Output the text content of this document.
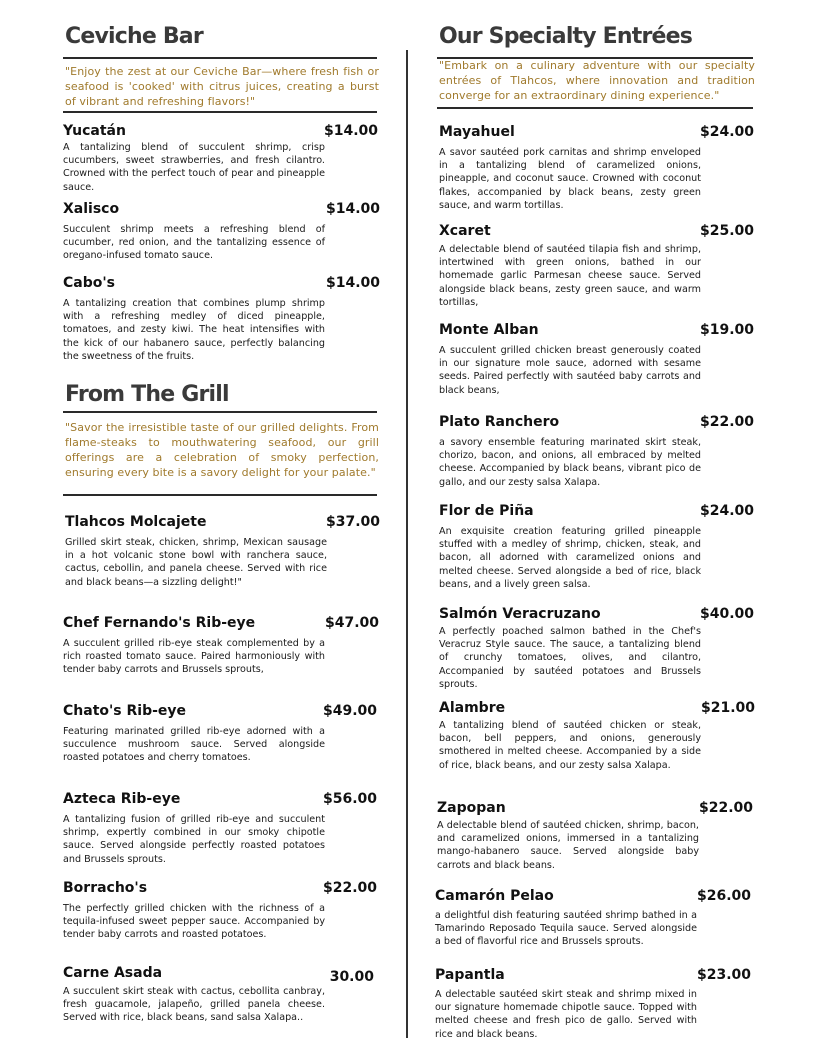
Ceviche Bar

"Enjoy the zest at our Ceviche Bar—where fresh fish or seafood is 'cooked' with citrus juices, creating a burst of vibrant and refreshing flavors!"

Yucatán	$14.00

A tantalizing blend of succulent shrimp, crisp cucumbers, sweet strawberries, and fresh cilantro. Crowned with the perfect touch of pear and pineapple sauce.

Xalisco	$14.00

Succulent shrimp meets a refreshing blend of cucumber, red onion, and the tantalizing essence of oregano-infused tomato sauce.

Cabo's	$14.00

A tantalizing creation that combines plump shrimp with a refreshing medley of diced pineapple, tomatoes, and zesty kiwi. The heat intensifies with the kick of our habanero sauce, perfectly balancing the sweetness of the fruits.

From The Grill

"Savor the irresistible taste of our grilled delights. From flame-steaks to mouthwatering seafood, our grill offerings are a celebration of smoky perfection, ensuring every bite is a savory delight for your palate."

Tlahcos Molcajete	$37.00

Grilled skirt steak, chicken, shrimp, Mexican sausage in a hot volcanic stone bowl with ranchera sauce, cactus, cebollin, and panela cheese. Served with rice and black beans—a sizzling delight!"

Chef Fernando's Rib-eye	$47.00

A succulent grilled rib-eye steak complemented by a rich roasted tomato sauce. Paired harmoniously with tender baby carrots and Brussels sprouts,

Chato's Rib-eye	$49.00

Featuring marinated grilled rib-eye adorned with a succulence mushroom sauce. Served alongside roasted potatoes and cherry tomatoes.

Azteca Rib-eye	$56.00

A tantalizing fusion of grilled rib-eye and succulent shrimp, expertly combined in our smoky chipotle sauce. Served alongside perfectly roasted potatoes and Brussels sprouts.

Borracho's	$22.00

The perfectly grilled chicken with the richness of a tequila-infused sweet pepper sauce. Accompanied by tender baby carrots and roasted potatoes.

Carne Asada	30.00

A succulent skirt steak with cactus, cebollita canbray, fresh guacamole, jalapeño, grilled panela cheese. Served with rice, black beans, sand salsa Xalapa..

Our Specialty Entrées

"Embark on a culinary adventure with our specialty entrées of Tlahcos, where innovation and tradition converge for an extraordinary dining experience."

Mayahuel	$24.00

A savor sautéed pork carnitas and shrimp enveloped in a tantalizing blend of caramelized onions, pineapple, and coconut sauce. Crowned with coconut flakes, accompanied by black beans, zesty green sauce, and warm tortillas.

Xcaret	$25.00

A delectable blend of sautéed tilapia fish and shrimp, intertwined with green onions, bathed in our homemade garlic Parmesan cheese sauce. Served alongside black beans, zesty green sauce, and warm tortillas,

Monte Alban	$19.00

A succulent grilled chicken breast generously coated in our signature mole sauce, adorned with sesame seeds. Paired perfectly with sautéed baby carrots and black beans,

Plato Ranchero	$22.00

a savory ensemble featuring marinated skirt steak, chorizo, bacon, and onions, all embraced by melted cheese. Accompanied by black beans, vibrant pico de gallo, and our zesty salsa Xalapa.

Flor de Piña	$24.00

An exquisite creation featuring grilled pineapple stuffed with a medley of shrimp, chicken, steak, and bacon, all adorned with caramelized onions and melted cheese. Served alongside a bed of rice, black beans, and a lively green salsa.

Salmón Veracruzano	$40.00

A perfectly poached salmon bathed in the Chef's Veracruz Style sauce. The sauce, a tantalizing blend of crunchy tomatoes, olives, and cilantro, Accompanied by sautéed potatoes and Brussels sprouts.

Alambre	$21.00

A tantalizing blend of sautéed chicken or steak, bacon, bell peppers, and onions, generously smothered in melted cheese. Accompanied by a side of rice, black beans, and our zesty salsa Xalapa.

Zapopan	$22.00

A delectable blend of sautéed chicken, shrimp, bacon, and caramelized onions, immersed in a tantalizing mango-habanero sauce. Served alongside baby carrots and black beans.

Camarón Pelao	$26.00

a delightful dish featuring sautéed shrimp bathed in a Tamarindo Reposado Tequila sauce. Served alongside a bed of flavorful rice and Brussels sprouts.

Papantla	$23.00

A delectable sautéed skirt steak and shrimp mixed in our signature homemade chipotle sauce. Topped with melted cheese and fresh pico de gallo. Served with rice and black beans.
